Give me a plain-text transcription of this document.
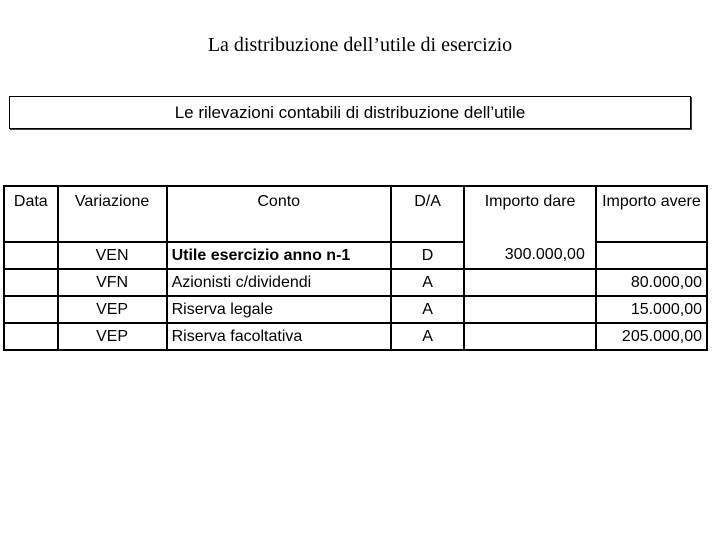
La distribuzione dell’utile di esercizio
Le rilevazioni contabili di distribuzione dell’utile
Data	Variazione	Conto	D/A	Importo dare	Importo avere
	VEN	Utile esercizio anno n-1	D	300.000,00	
	VFN	Azionisti c/dividendi	A		80.000,00
	VEP	Riserva legale	A		15.000,00
	VEP	Riserva facoltativa	A		205.000,00
